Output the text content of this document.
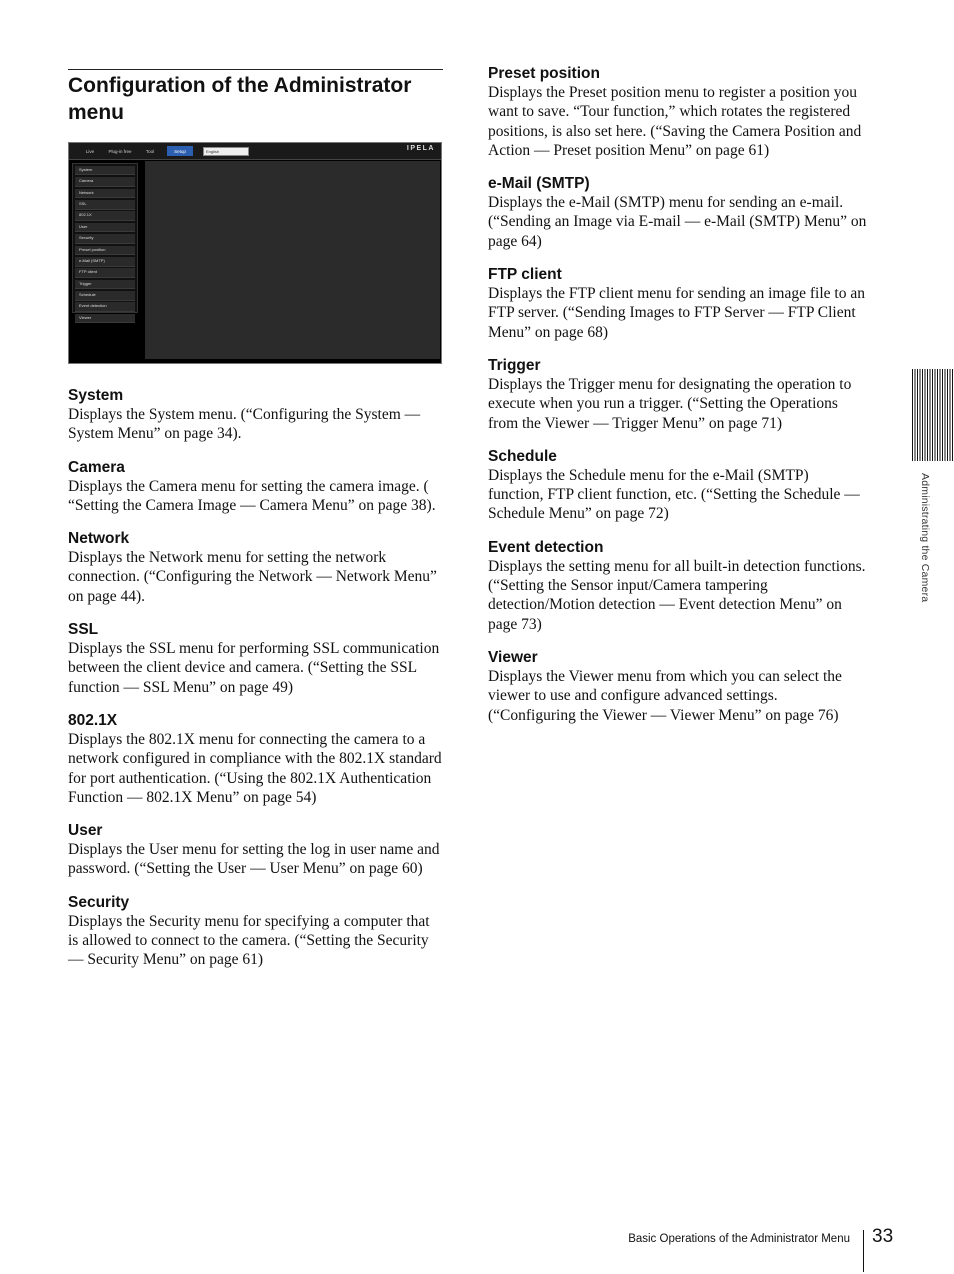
Configuration of the Administrator menu
Live	Plug-in free	Tool	Setup	English	IPELA
System
Camera
Network
SSL
802.1X
User
Security
Preset position
e-Mail (SMTP)
FTP client
Trigger
Schedule
Event detection
Viewer
System

Displays the System menu. (“Configuring the System — System Menu” on page 34).

Camera

Displays the Camera menu for setting the camera image. ( “Setting the Camera Image — Camera Menu” on page 38).

Network

Displays the Network menu for setting the network connection. (“Configuring the Network — Network Menu” on page 44).

SSL

Displays the SSL menu for performing SSL communication between the client device and camera. (“Setting the SSL function — SSL Menu” on page 49)

802.1X

Displays the 802.1X menu for connecting the camera to a network configured in compliance with the 802.1X standard for port authentication. (“Using the 802.1X Authentication Function — 802.1X Menu” on page 54)

User

Displays the User menu for setting the log in user name and password. (“Setting the User — User Menu” on page 60)

Security

Displays the Security menu for specifying a computer that is allowed to connect to the camera. (“Setting the Security — Security Menu” on page 61)

Preset position

Displays the Preset position menu to register a position you want to save. “Tour function,” which rotates the registered positions, is also set here. (“Saving the Camera Position and Action — Preset position Menu” on page 61)

e-Mail (SMTP)

Displays the e-Mail (SMTP) menu for sending an e-mail. (“Sending an Image via E-mail — e-Mail (SMTP) Menu” on page 64)

FTP client

Displays the FTP client menu for sending an image file to an FTP server. (“Sending Images to FTP Server — FTP Client Menu” on page 68)

Trigger

Displays the Trigger menu for designating the operation to execute when you run a trigger. (“Setting the Operations from the Viewer — Trigger Menu” on page 71)

Schedule

Displays the Schedule menu for the e-Mail (SMTP) function, FTP client function, etc. (“Setting the Schedule — Schedule Menu” on page 72)

Event detection

Displays the setting menu for all built-in detection functions. (“Setting the Sensor input/Camera tampering detection/Motion detection — Event detection Menu” on page 73)

Viewer

Displays the Viewer menu from which you can select the viewer to use and configure advanced settings. (“Configuring the Viewer — Viewer Menu” on page 76)

Administrating the Camera
Basic Operations of the Administrator Menu 33
